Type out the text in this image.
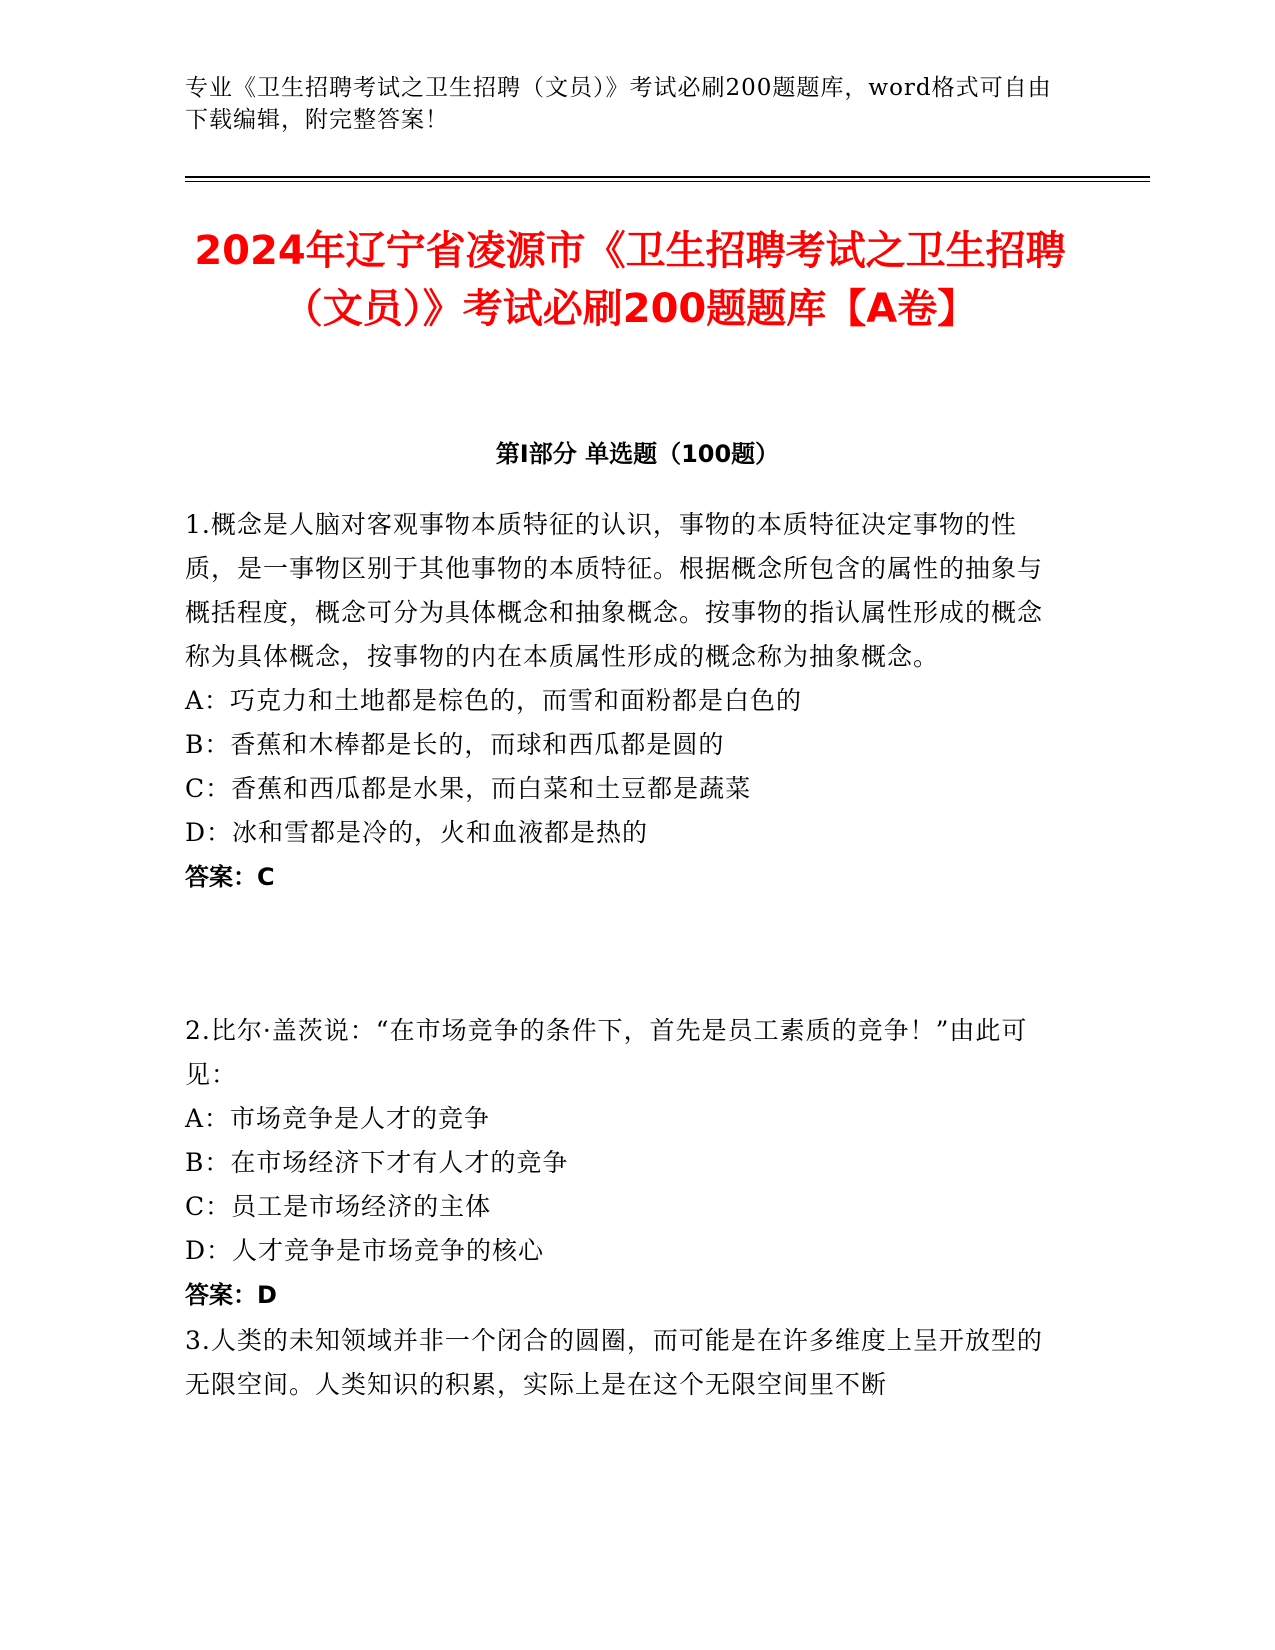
专业《卫生招聘考试之卫生招聘（文员）》考试必刷200题题库，word格式可自由下载编辑，附完整答案！
2024年辽宁省凌源市《卫生招聘考试之卫生招聘（文员）》考试必刷200题题库【A卷】
第I部分 单选题（100题）
1.概念是人脑对客观事物本质特征的认识，事物的本质特征决定事物的性质，是一事物区别于其他事物的本质特征。根据概念所包含的属性的抽象与概括程度，概念可分为具体概念和抽象概念。按事物的指认属性形成的概念称为具体概念，按事物的内在本质属性形成的概念称为抽象概念。
A：巧克力和土地都是棕色的，而雪和面粉都是白色的
B：香蕉和木棒都是长的，而球和西瓜都是圆的
C：香蕉和西瓜都是水果，而白菜和土豆都是蔬菜
D：冰和雪都是冷的，火和血液都是热的
答案：C
2.比尔·盖茨说：“在市场竞争的条件下，首先是员工素质的竞争！”由此可见：
A：市场竞争是人才的竞争
B：在市场经济下才有人才的竞争
C：员工是市场经济的主体
D：人才竞争是市场竞争的核心
答案：D
3.人类的未知领域并非一个闭合的圆圈，而可能是在许多维度上呈开放型的无限空间。人类知识的积累，实际上是在这个无限空间里不断
